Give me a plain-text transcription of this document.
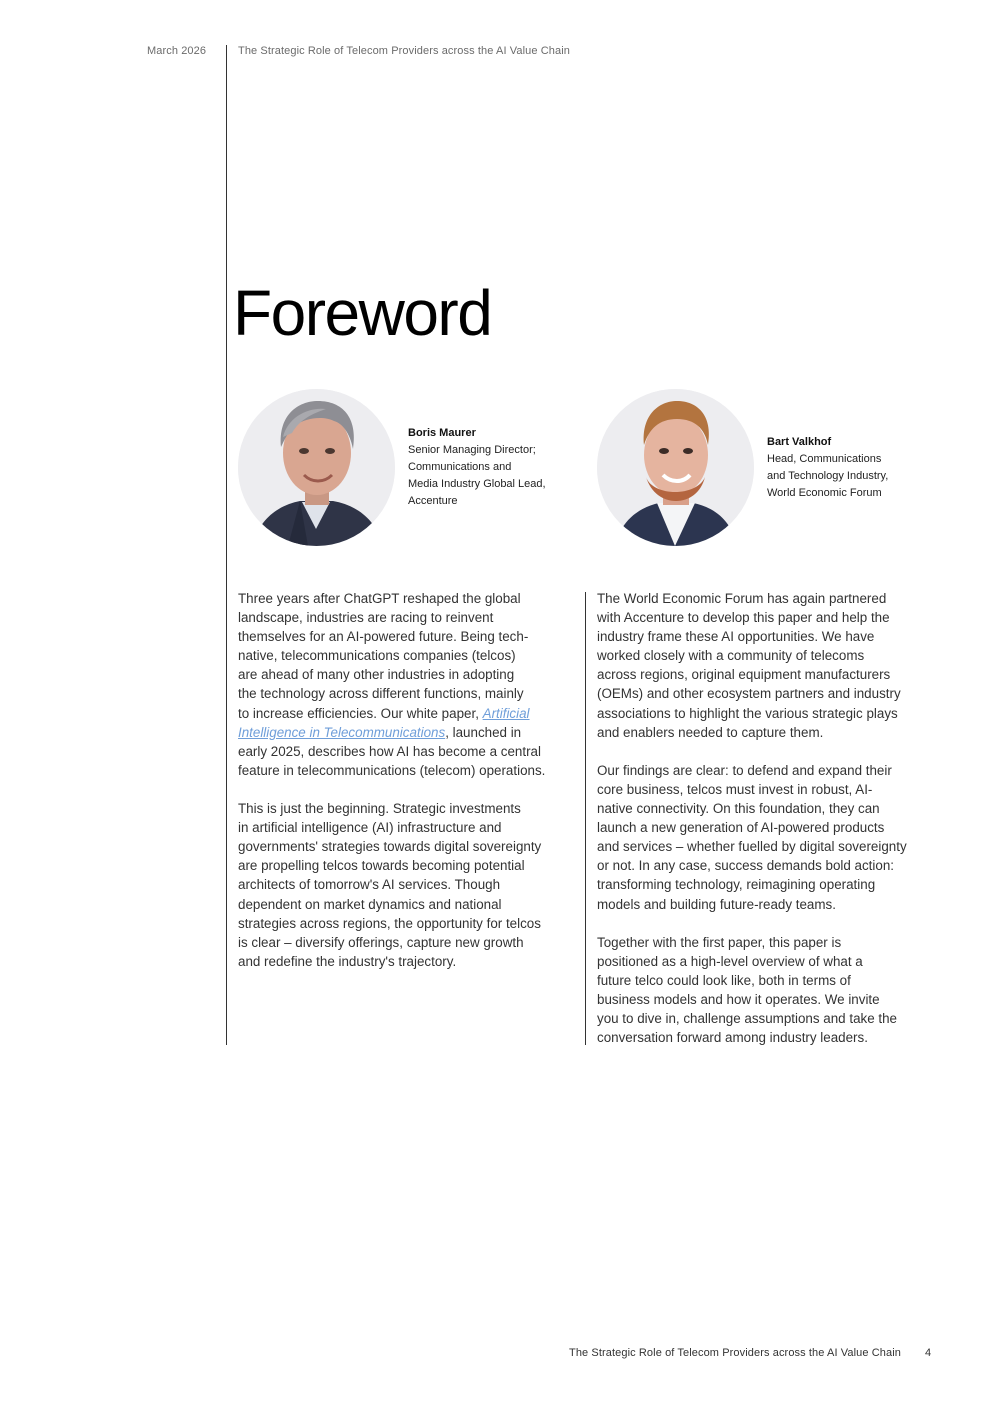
March 2026	The Strategic Role of Telecom Providers across the AI Value Chain
Foreword
Boris Maurer
Senior Managing Director;
Communications and
Media Industry Global Lead,
Accenture
Bart Valkhof
Head, Communications
and Technology Industry,
World Economic Forum

Three years after ChatGPT reshaped the global
landscape, industries are racing to reinvent
themselves for an AI-powered future. Being tech-
native, telecommunications companies (telcos)
are ahead of many other industries in adopting
the technology across different functions, mainly
to increase efficiencies. Our white paper, Artificial
Intelligence in Telecommunications, launched in
early 2025, describes how AI has become a central
feature in telecommunications (telecom) operations.

This is just the beginning. Strategic investments
in artificial intelligence (AI) infrastructure and
governments' strategies towards digital sovereignty
are propelling telcos towards becoming potential
architects of tomorrow's AI services. Though
dependent on market dynamics and national
strategies across regions, the opportunity for telcos
is clear – diversify offerings, capture new growth
and redefine the industry's trajectory.

The World Economic Forum has again partnered
with Accenture to develop this paper and help the
industry frame these AI opportunities. We have
worked closely with a community of telecoms
across regions, original equipment manufacturers
(OEMs) and other ecosystem partners and industry
associations to highlight the various strategic plays
and enablers needed to capture them.

Our findings are clear: to defend and expand their
core business, telcos must invest in robust, AI-
native connectivity. On this foundation, they can
launch a new generation of AI-powered products
and services – whether fuelled by digital sovereignty
or not. In any case, success demands bold action:
transforming technology, reimagining operating
models and building future-ready teams.

Together with the first paper, this paper is
positioned as a high-level overview of what a
future telco could look like, both in terms of
business models and how it operates. We invite
you to dive in, challenge assumptions and take the
conversation forward among industry leaders.

The Strategic Role of Telecom Providers across the AI Value Chain 4
